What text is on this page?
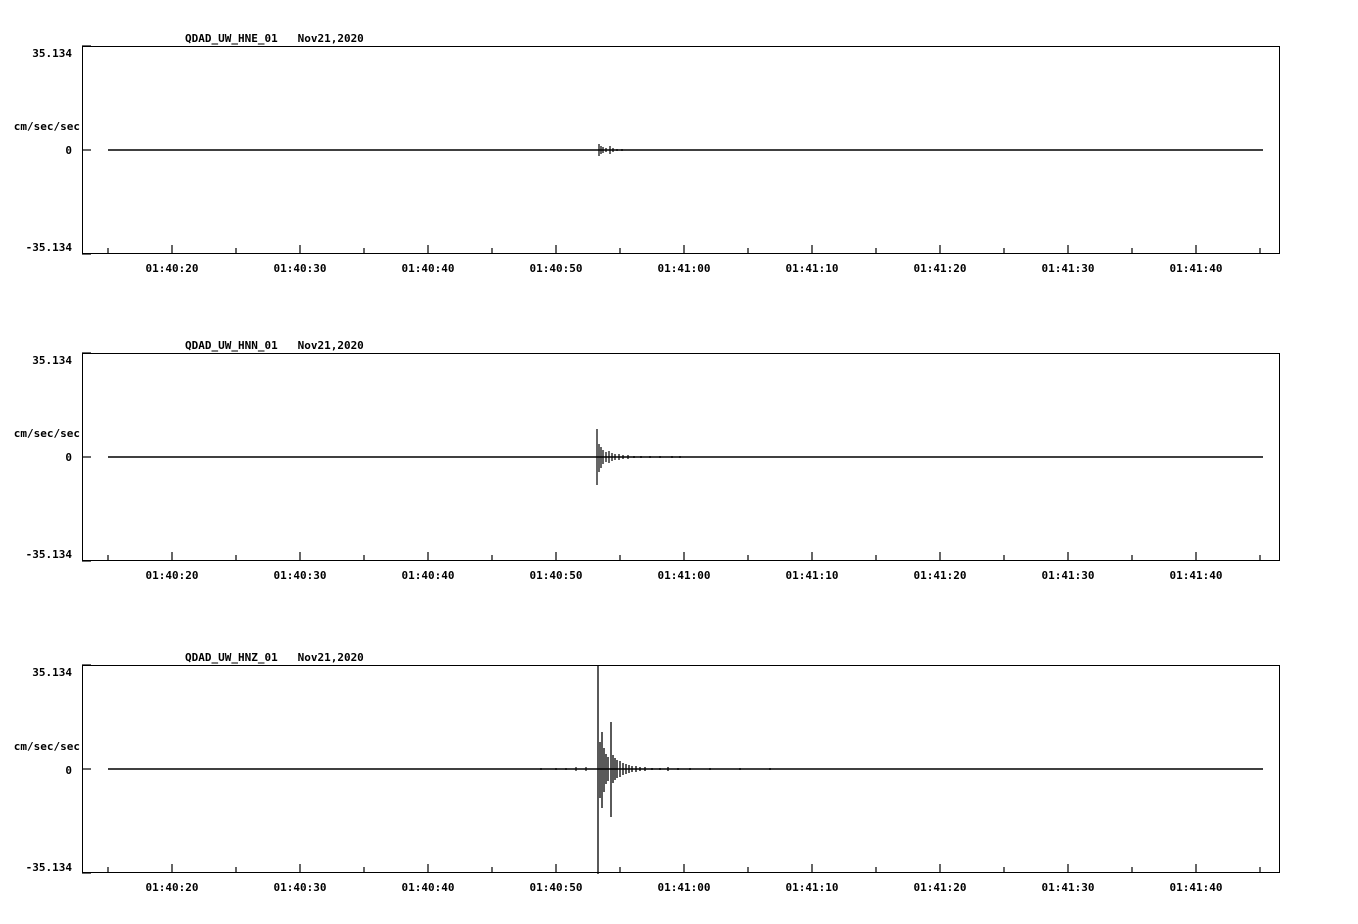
QDAD_UW_HNE_01   Nov21,2020
35.134
cm/sec/sec
0
-35.134
01:40:20	01:40:30	01:40:40	01:40:50	01:41:00	01:41:10	01:41:20	01:41:30	01:41:40
QDAD_UW_HNN_01   Nov21,2020
35.134
cm/sec/sec
0
-35.134
01:40:20	01:40:30	01:40:40	01:40:50	01:41:00	01:41:10	01:41:20	01:41:30	01:41:40
QDAD_UW_HNZ_01   Nov21,2020
35.134
cm/sec/sec
0
-35.134
01:40:20	01:40:30	01:40:40	01:40:50	01:41:00	01:41:10	01:41:20	01:41:30	01:41:40
